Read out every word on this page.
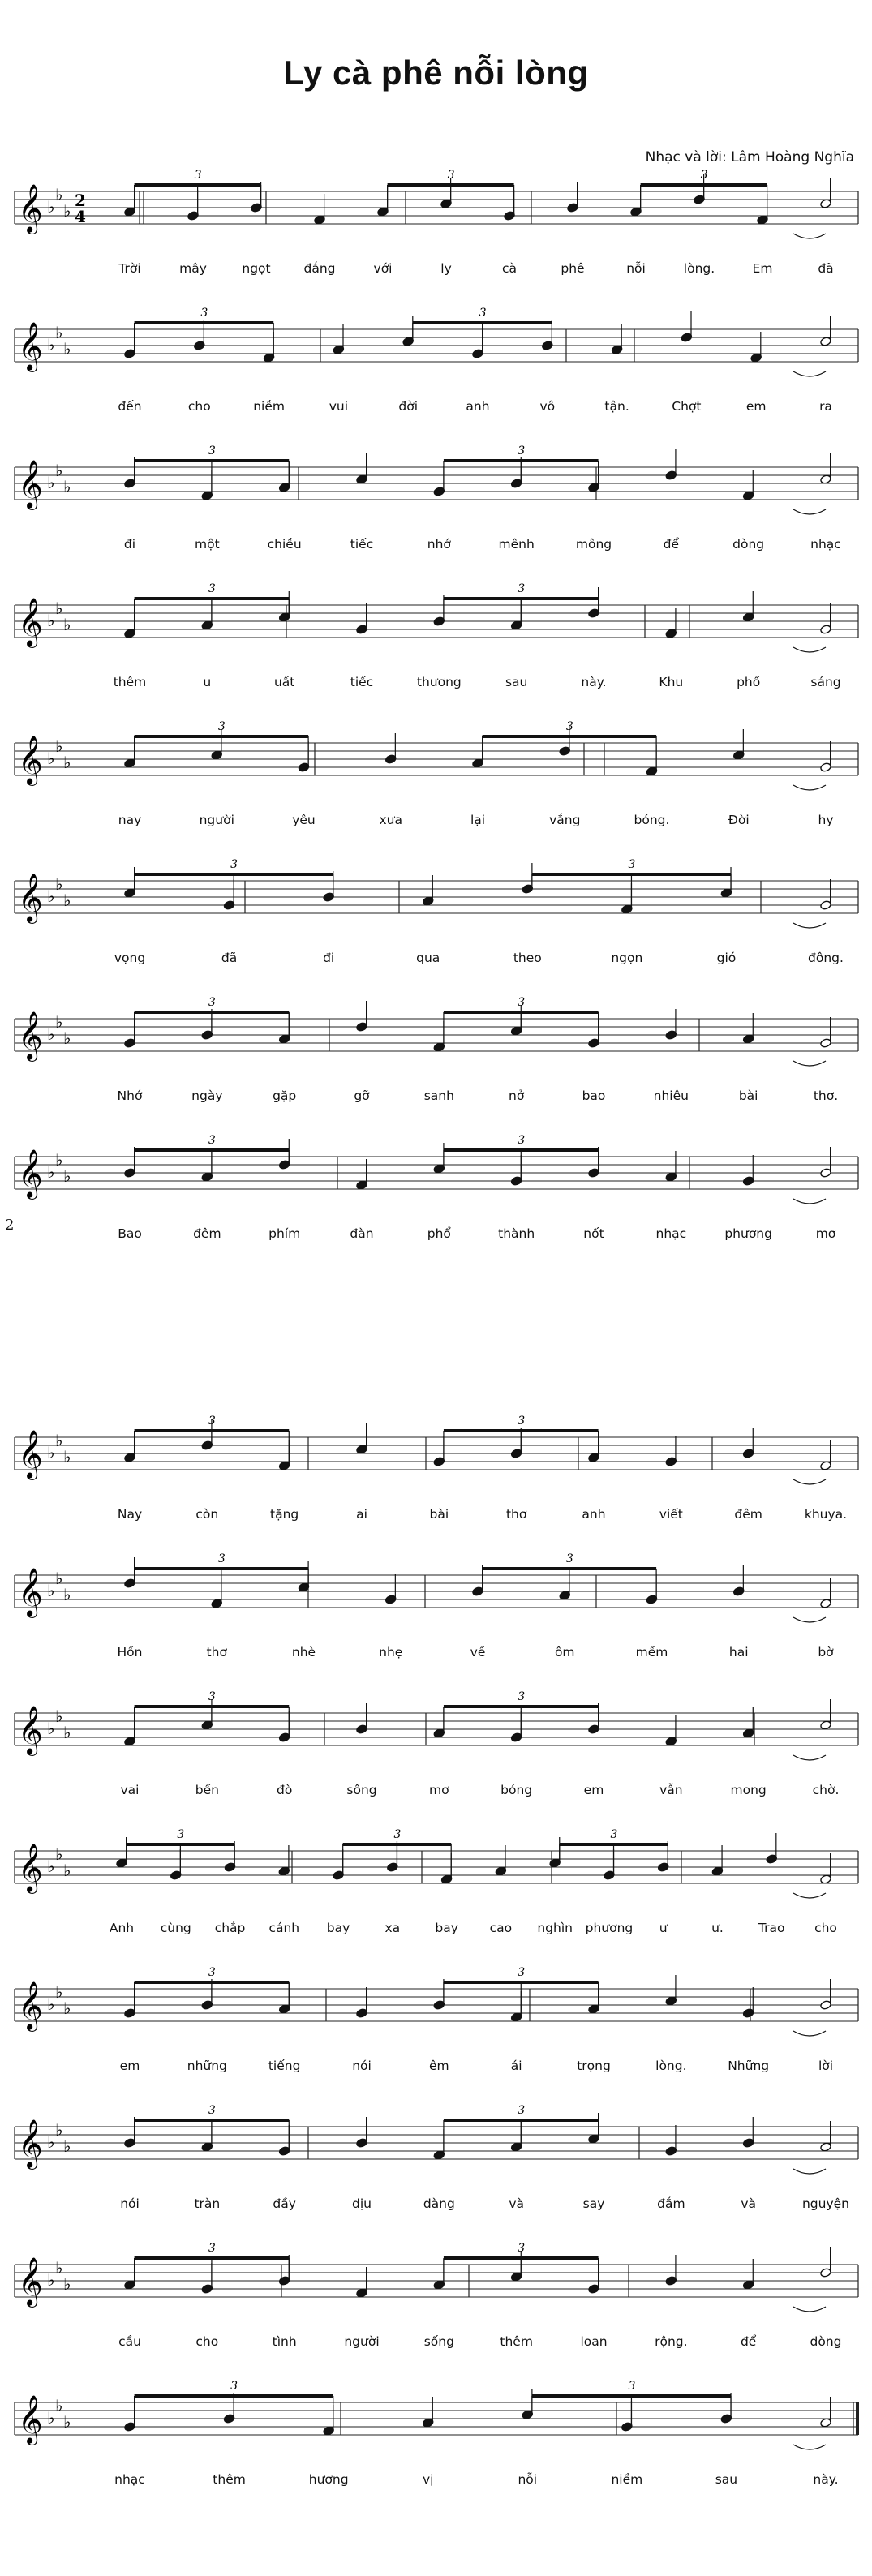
Ly cà phê nỗi lòng
Nhạc và lời: Lâm Hoàng Nghĩa
2
𝄞 ♭
♭
♭
2
4
3	3	3
Trời	mây	ngọt	đắng	với	ly	cà	phê	nỗi	lòng.	Em	đã
𝄞 ♭
♭
♭
3	3
đến	cho	niềm	vui	đời	anh	vô	tận.	Chợt	em	ra
𝄞 ♭
♭
♭
3	3
đi	một	chiều	tiếc	nhớ	mênh	mông	để	dòng	nhạc
𝄞 ♭
♭
♭
3	3
thêm	u	uất	tiếc	thương	sau	này.	Khu	phố	sáng
𝄞 ♭
♭
♭
3	3
nay	người	yêu	xưa	lại	vắng	bóng.	Đời	hy
𝄞 ♭
♭
♭
3	3
vọng	đã	đi	qua	theo	ngọn	gió	đông.
𝄞 ♭
♭
♭
3	3
Nhớ	ngày	gặp	gỡ	sanh	nở	bao	nhiêu	bài	thơ.
𝄞 ♭
♭
♭
3	3
Bao	đêm	phím	đàn	phổ	thành	nốt	nhạc	phương	mơ
𝄞 ♭
♭
♭
3	3
Nay	còn	tặng	ai	bài	thơ	anh	viết	đêm	khuya.
𝄞 ♭
♭
♭
3	3
Hồn	thơ	nhè	nhẹ	về	ôm	mềm	hai	bờ
𝄞 ♭
♭
♭
3	3
vai	bến	đò	sông	mơ	bóng	em	vẫn	mong	chờ.
𝄞 ♭
♭
♭
3	3	3
Anh cùng chắp cánh bay	xa	bay	cao nghìn phương ư	ư.	Trao cho
𝄞 ♭
♭
♭
3	3
em	những	tiếng	nói	êm	ái	trọng	lòng.	Những	lời
𝄞 ♭
♭
♭
3	3
nói	tràn	đầy	dịu	dàng	và	say	đắm	và	nguyện
𝄞 ♭
♭
♭
3	3
cầu	cho	tình	người	sống	thêm	loan	rộng.	để	dòng
𝄞 ♭
♭
♭
3	3
nhạc	thêm	hương	vị	nỗi	niềm	sau	này.
